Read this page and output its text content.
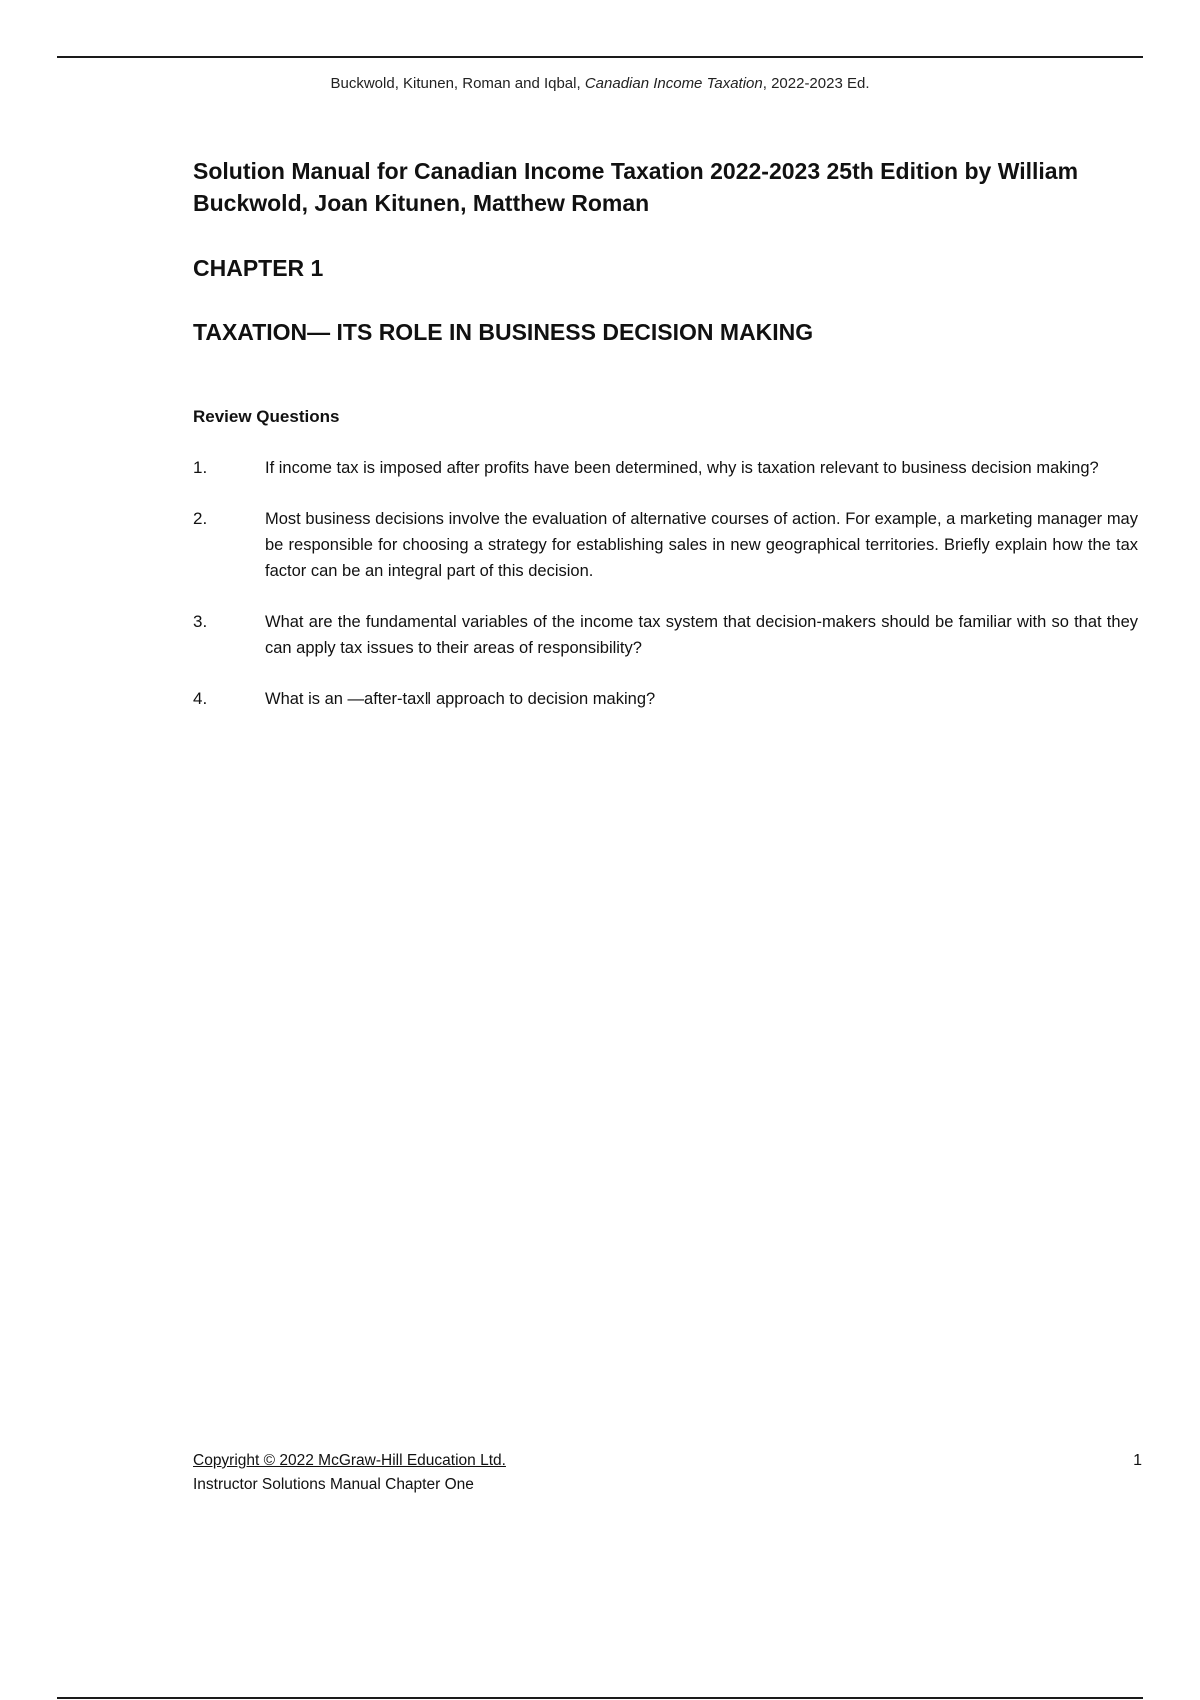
Buckwold, Kitunen, Roman and Iqbal, Canadian Income Taxation, 2022-2023 Ed.
Solution Manual for Canadian Income Taxation 2022-2023 25th Edition by William Buckwold, Joan Kitunen, Matthew Roman
CHAPTER 1
TAXATION— ITS ROLE IN BUSINESS DECISION MAKING
Review Questions
1.	If income tax is imposed after profits have been determined, why is taxation relevant to business decision making?
2.	Most business decisions involve the evaluation of alternative courses of action. For example, a marketing manager may be responsible for choosing a strategy for establishing sales in new geographical territories. Briefly explain how the tax factor can be an integral part of this decision.
3.	What are the fundamental variables of the income tax system that decision-makers should be familiar with so that they can apply tax issues to their areas of responsibility?
4.	What is an ―after-tax‖ approach to decision making?
Copyright © 2022 McGraw-Hill Education Ltd.
Instructor Solutions Manual Chapter One
1
